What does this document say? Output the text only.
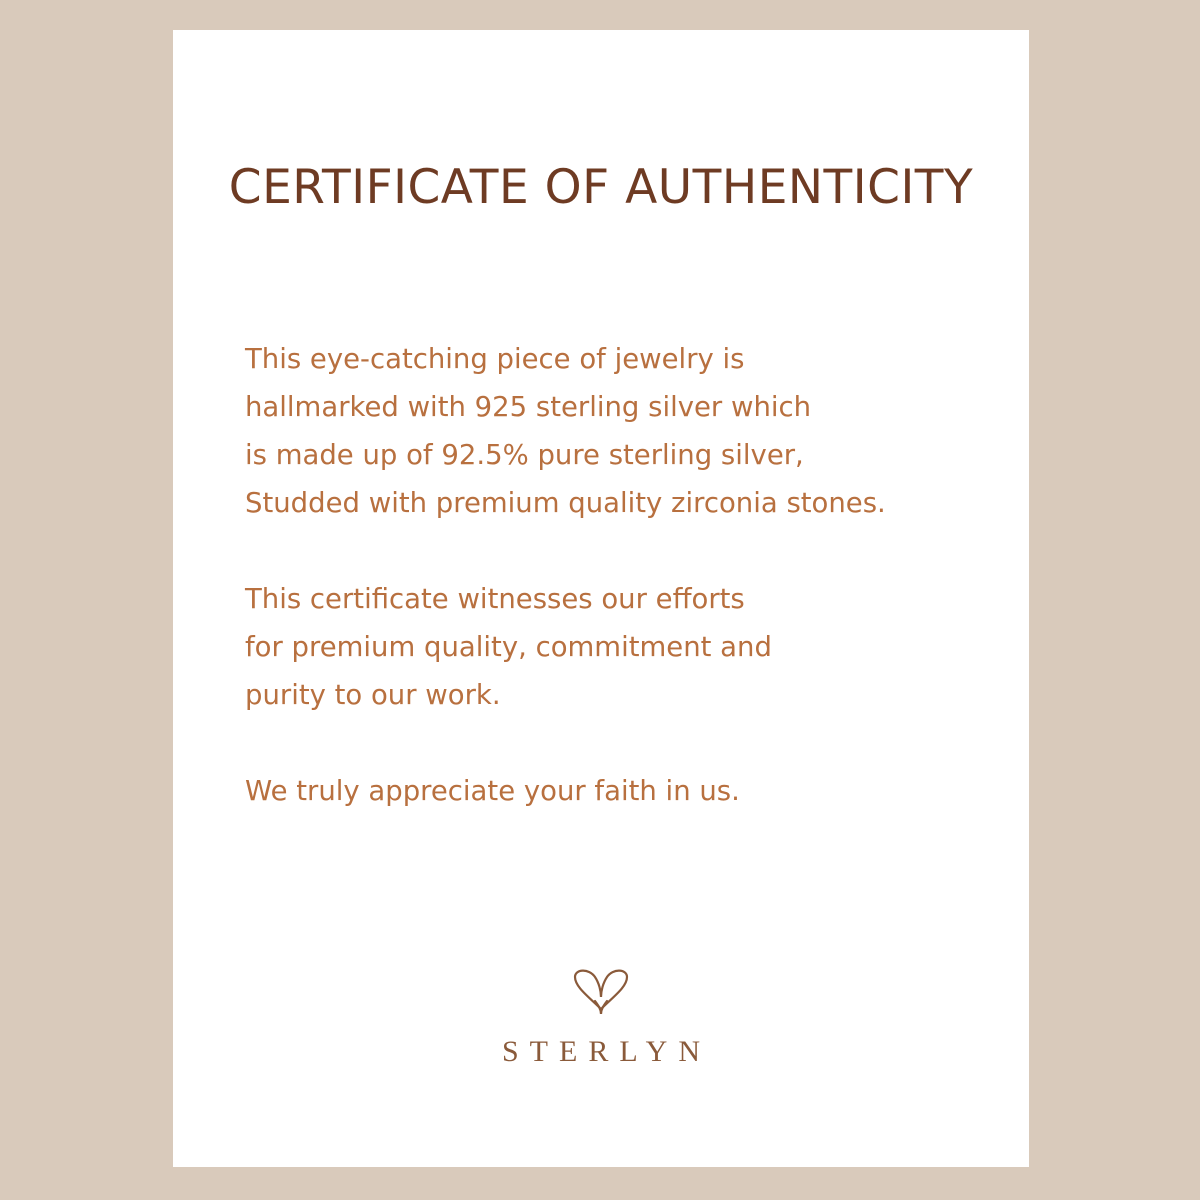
CERTIFICATE OF AUTHENTICITY

This eye-catching piece of jewelry is
hallmarked with 925 sterling silver which
is made up of 92.5% pure sterling silver,
Studded with premium quality zirconia stones.

This certificate witnesses our efforts
for premium quality, commitment and
purity to our work.

We truly appreciate your faith in us.

STERLYN
